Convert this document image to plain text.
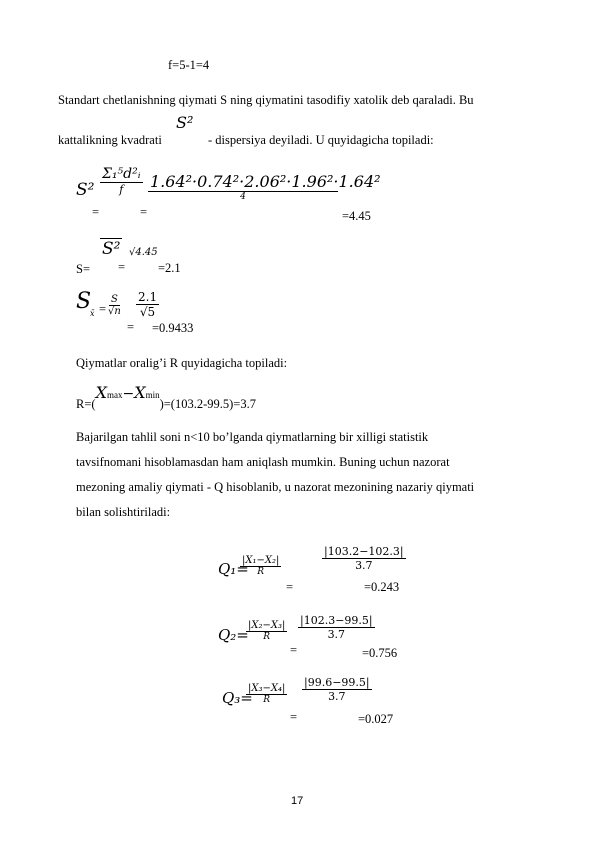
f=5-1=4
Standart chetlanishning qiymati S ning qiymatini tasodifiy xatolik deb qaraladi. Bu
S²
kattalikning kvadrati	- dispersiya deyiladi. U quyidagicha topiladi:
S²
=
Σ₁⁵d²ᵢ
f
=
1.64²·0.74²·2.06²·1.96²·1.64²
4
=4.45
S=
S²
=
√4.45
=2.1
S
x̄ = $\frac{S}{√n}$
=
$\frac{2.1}{√5}$
=0.9433
Qiymatlar oralig’i R quyidagicha topiladi:
R=(
X max − X min
)=(103.2-99.5)=3.7
Bajarilgan tahlil soni n<10 bo’lganda qiymatlarning bir xilligi statistik
tavsifnomani hisoblamasdan ham aniqlash mumkin. Buning uchun nazorat
mezoning amaliy qiymati - Q hisoblanib, u nazorat mezonining nazariy qiymati
bilan solishtiriladi:
Q₁=
$\frac{\text{|X₁−X₂|}}{R}$
=
$\frac{|103.2-102.3|}{3.7}$
=0.243
Q₂=
$\frac{\text{|X₂−X₃|}}{R}$
=
$\frac{|102.3-99.5|}{3.7}$
=0.756
Q₃=
$\frac{\text{|X₃−X₄|}}{R}$
=
$\frac{|99.6-99.5|}{3.7}$
=0.027
17
